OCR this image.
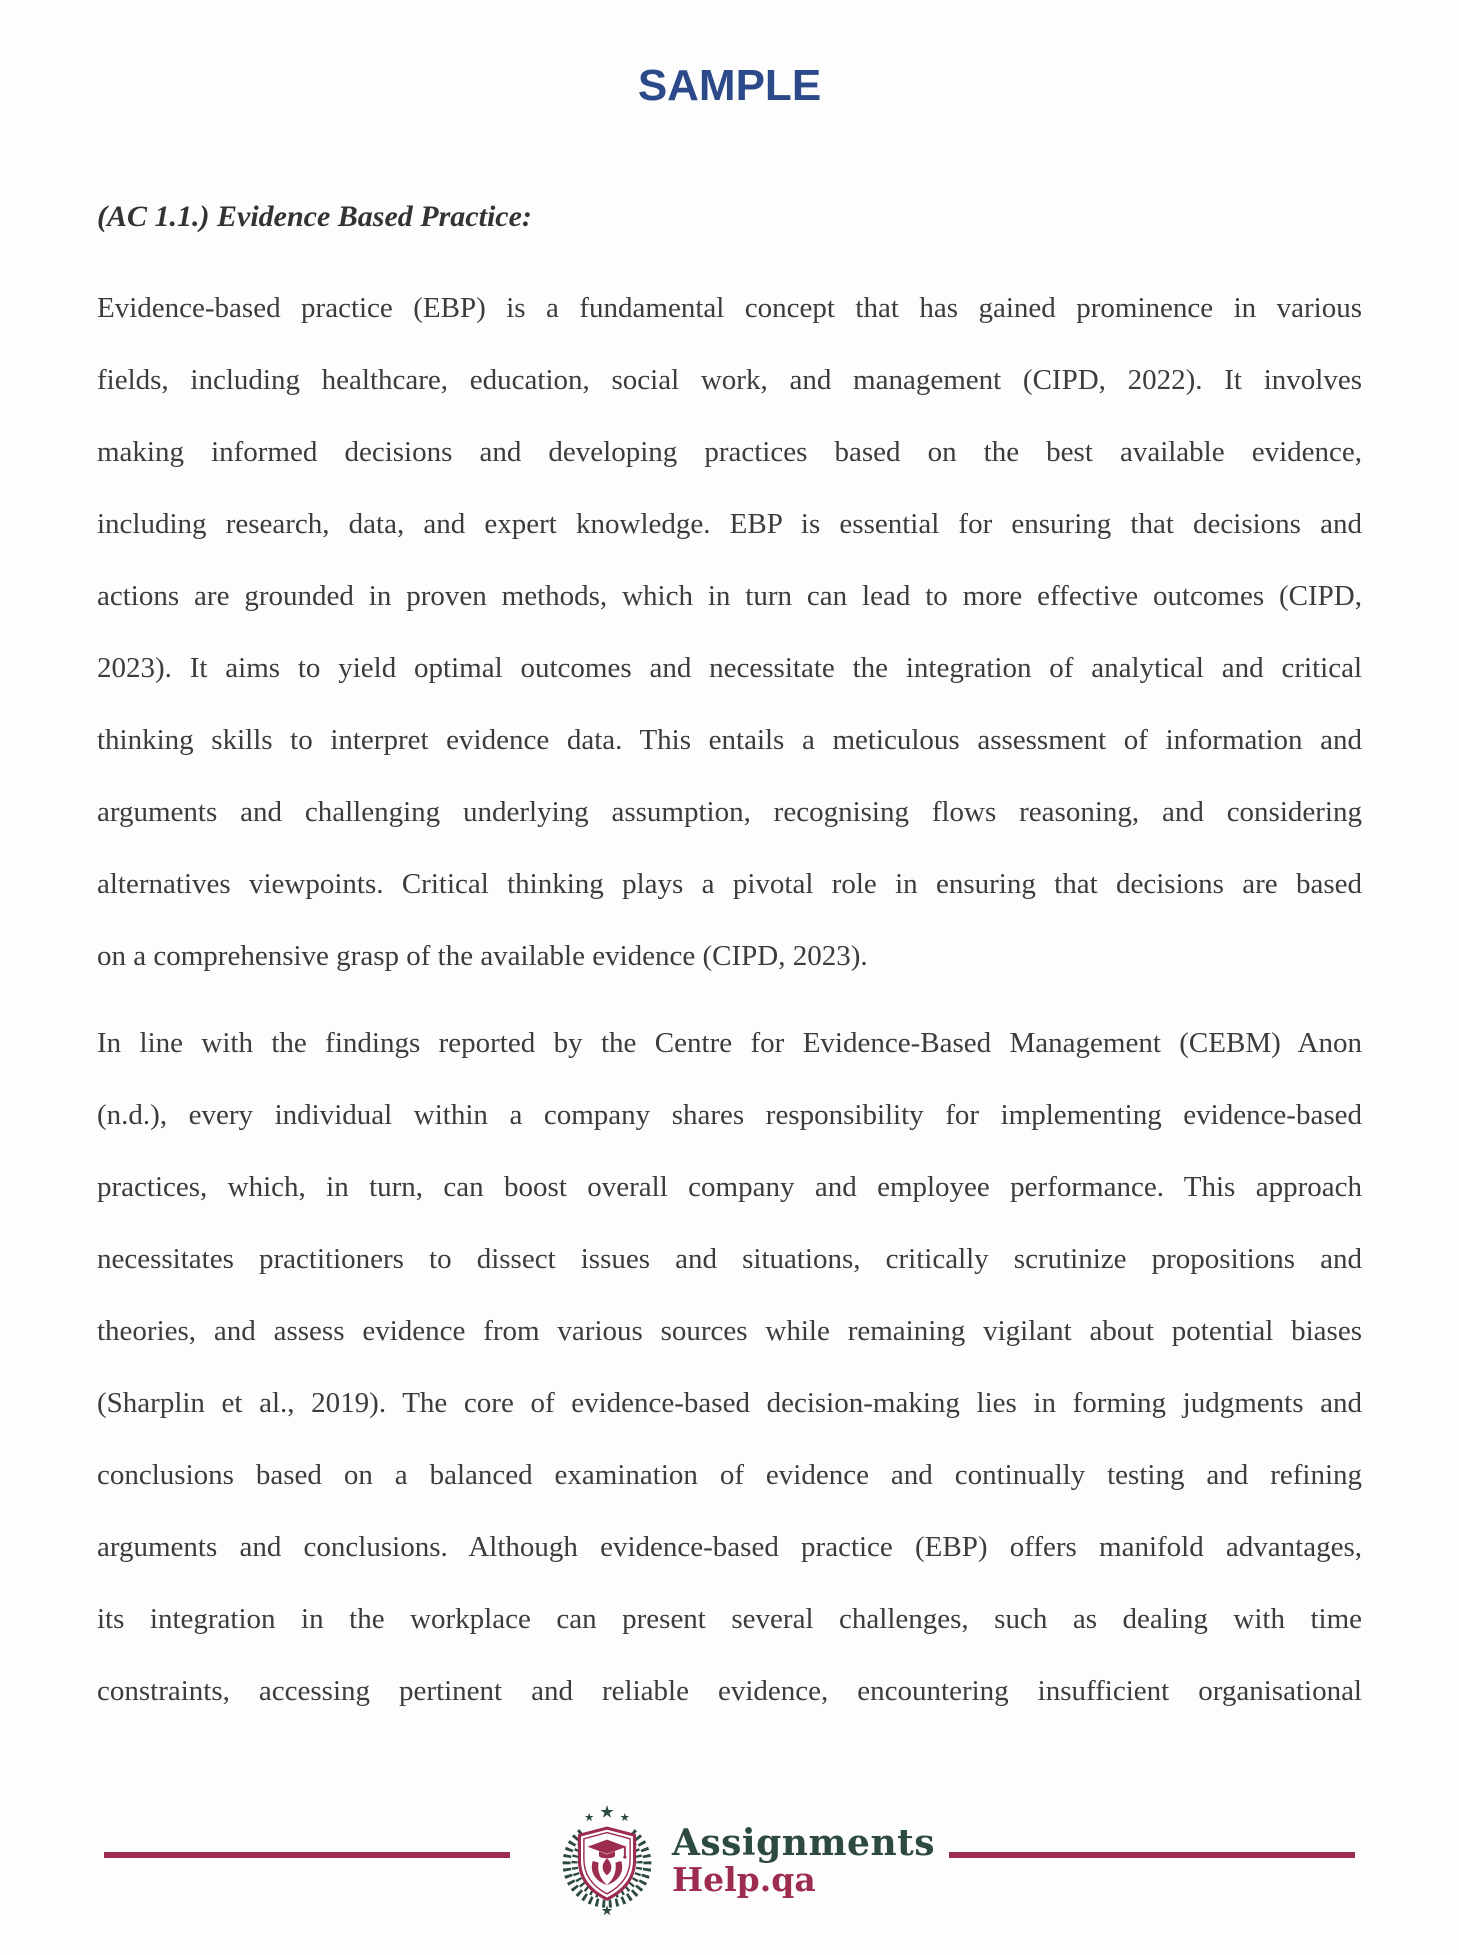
SAMPLE
(AC 1.1.) Evidence Based Practice:
Evidence-based practice (EBP) is a fundamental concept that has gained prominence in various
fields, including healthcare, education, social work, and management (CIPD, 2022). It involves
making informed decisions and developing practices based on the best available evidence,
including research, data, and expert knowledge. EBP is essential for ensuring that decisions and
actions are grounded in proven methods, which in turn can lead to more effective outcomes (CIPD,
2023). It aims to yield optimal outcomes and necessitate the integration of analytical and critical
thinking skills to interpret evidence data. This entails a meticulous assessment of information and
arguments and challenging underlying assumption, recognising flows reasoning, and considering
alternatives viewpoints. Critical thinking plays a pivotal role in ensuring that decisions are based
on a comprehensive grasp of the available evidence (CIPD, 2023).
In line with the findings reported by the Centre for Evidence-Based Management (CEBM) Anon
(n.d.), every individual within a company shares responsibility for implementing evidence-based
practices, which, in turn, can boost overall company and employee performance. This approach
necessitates practitioners to dissect issues and situations, critically scrutinize propositions and
theories, and assess evidence from various sources while remaining vigilant about potential biases
(Sharplin et al., 2019). The core of evidence-based decision-making lies in forming judgments and
conclusions based on a balanced examination of evidence and continually testing and refining
arguments and conclusions. Although evidence-based practice (EBP) offers manifold advantages,
its integration in the workplace can present several challenges, such as dealing with time
constraints, accessing pertinent and reliable evidence, encountering insufficient organisational
Assignments
Help.qa
